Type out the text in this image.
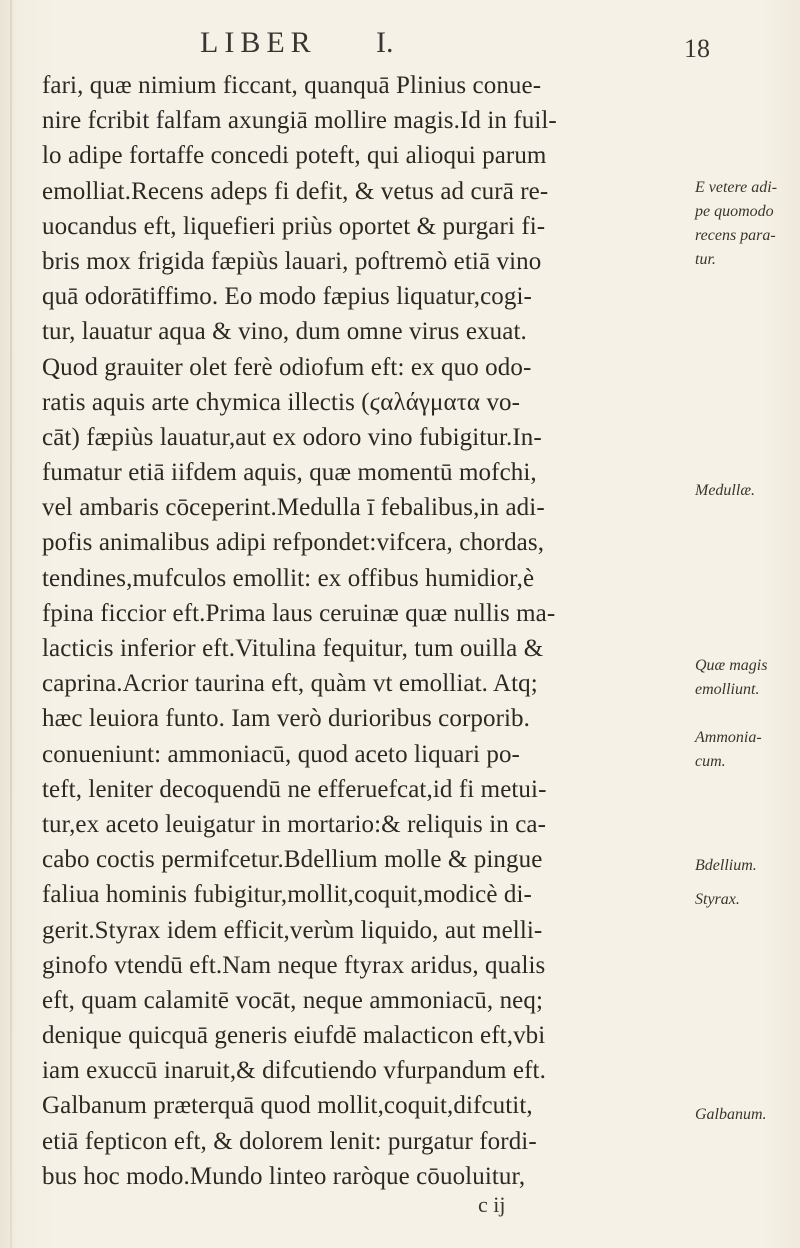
LIBER I.	18
fari, quæ nimium ficcant, quanquā Plinius conue-
nire fcribit falfam axungiā mollire magis.Id in fuil-
lo adipe fortaffe concedi poteft, qui alioqui parum
emolliat.Recens adeps fi defit, & vetus ad curā re-
uocandus eft, liquefieri priùs oportet & purgari fi-
bris mox frigida fæpiùs lauari, poftremò etiā vino
quā odorātiffimo. Eo modo fæpius liquatur,cogi-
tur, lauatur aqua & vino, dum omne virus exuat.
Quod grauiter olet ferè odiofum eft: ex quo odo-
ratis aquis arte chymica illectis (ϛαλάγματα vo-
cāt) fæpiùs lauatur,aut ex odoro vino fubigitur.In-
fumatur etiā iifdem aquis, quæ momentū mofchi,
vel ambaris cōceperint.Medulla ī febalibus,in adi-
pofis animalibus adipi refpondet:vifcera, chordas,
tendines,mufculos emollit: ex offibus humidior,è
fpina ficcior eft.Prima laus ceruinæ quæ nullis ma-
lacticis inferior eft.Vitulina fequitur, tum ouilla &
caprina.Acrior taurina eft, quàm vt emolliat. Atq;
hæc leuiora funto. Iam verò durioribus corporib.
conueniunt: ammoniacū, quod aceto liquari po-
teft, leniter decoquendū ne efferuefcat,id fi metui-
tur,ex aceto leuigatur in mortario:& reliquis in ca-
cabo coctis permifcetur.Bdellium molle & pingue
faliua hominis fubigitur,mollit,coquit,modicè di-
gerit.Styrax idem efficit,verùm liquido, aut melli-
ginofo vtendū eft.Nam neque ftyrax aridus, qualis
eft, quam calamitē vocāt, neque ammoniacū, neq;
denique quicquā generis eiufdē malacticon eft,vbi
iam exuccū inaruit,& difcutiendo vfurpandum eft.
Galbanum præterquā quod mollit,coquit,difcutit,
etiā fepticon eft, & dolorem lenit: purgatur fordi-
bus hoc modo.Mundo linteo raròque cōuoluitur,
E vetere adi-
pe quomodo
recens para-
tur.
Medullæ.
Quæ magis
emolliunt.
Ammonia-
cum.
Bdellium.
Styrax.
Galbanum.
c ij
